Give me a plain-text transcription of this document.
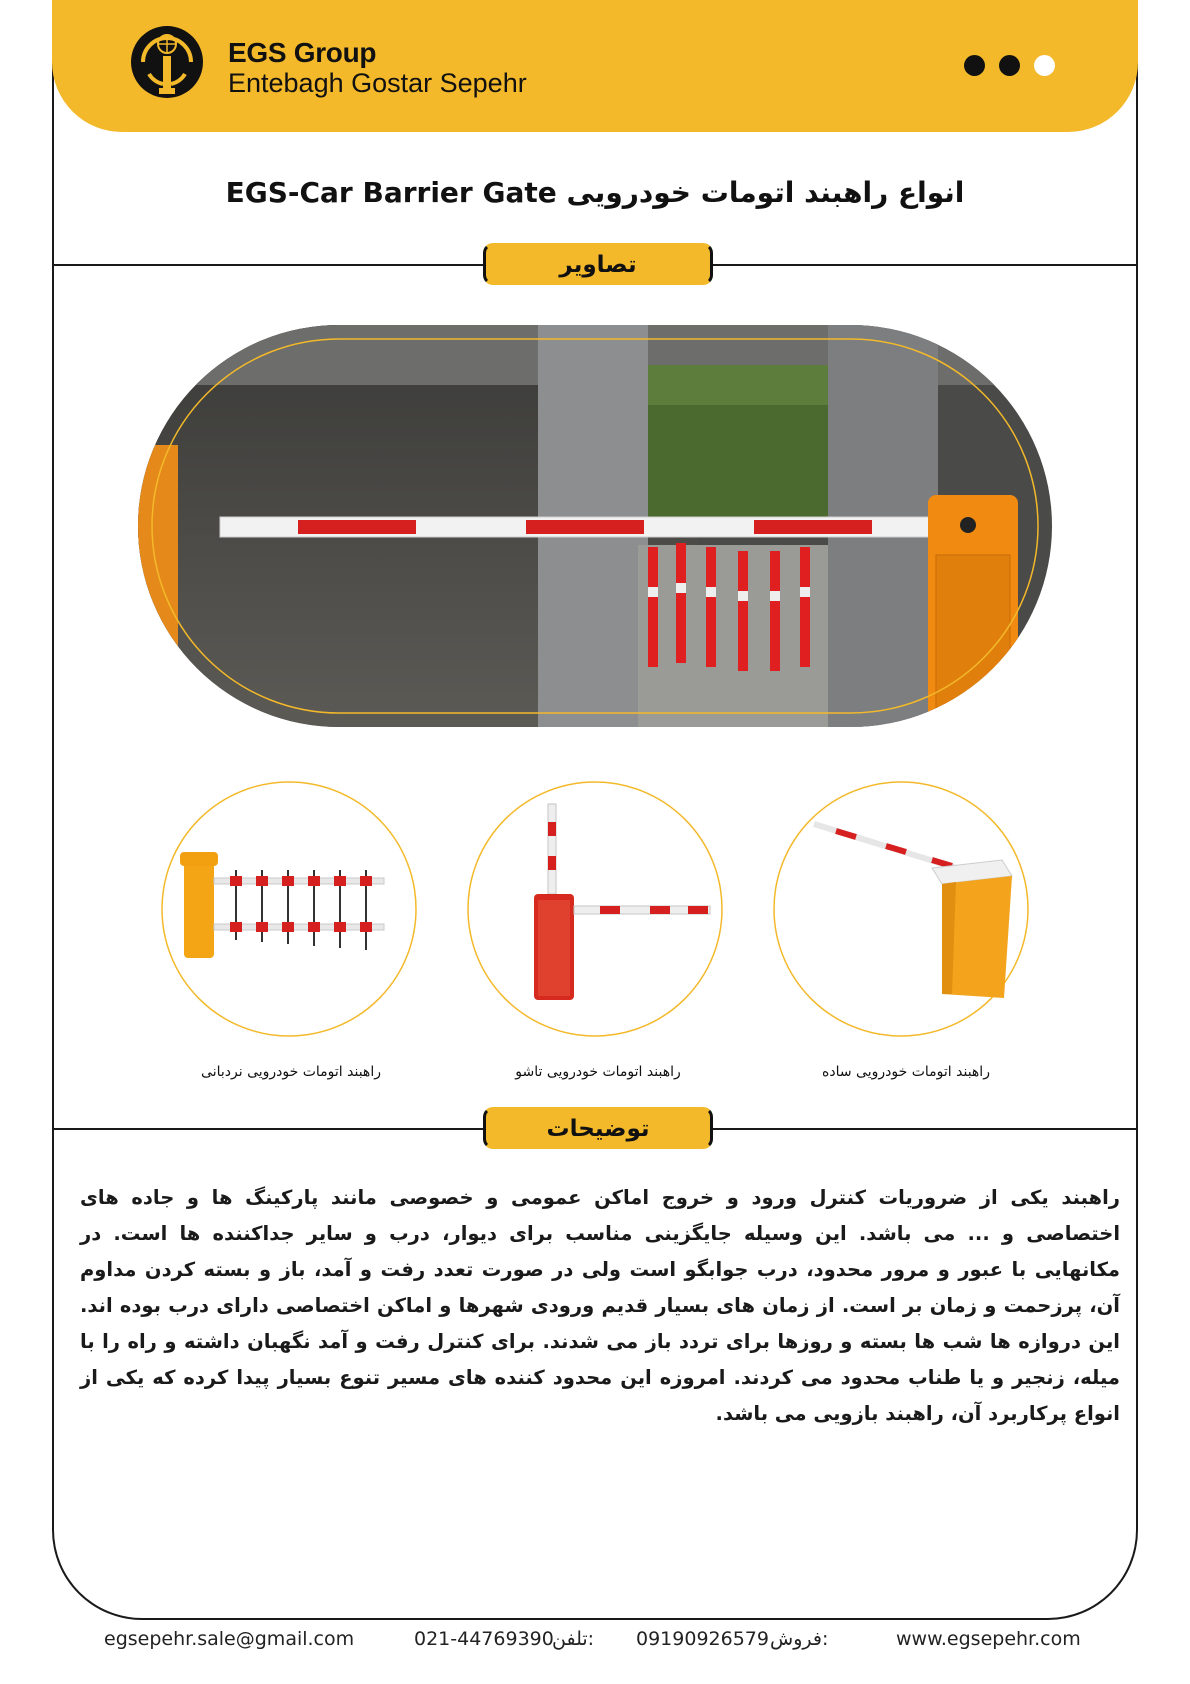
EGS Group
Entebagh Gostar Sepehr
انواع راهبند اتومات خودرویی EGS-Car Barrier Gate
تصاویر
راهبند اتومات خودرویی نردبانی	راهبند اتومات خودرویی تاشو	راهبند اتومات خودرویی ساده
توضیحات
راهبند یکی از ضروریات کنترل ورود و خروج اماکن عمومی و خصوصی مانند پارکینگ ها و جاده های اختصاصی و ... می باشد. این وسیله جایگزینی مناسب برای دیوار، درب و سایر جداکننده ها است. در مکانهایی با عبور و مرور محدود، درب جوابگو است ولی در صورت تعدد رفت و آمد، باز و بسته کردن مداوم آن، پرزحمت و زمان بر است. از زمان های بسیار قدیم ورودی شهرها و اماکن اختصاصی دارای درب بوده اند. این دروازه ها شب ها بسته و روزها برای تردد باز می شدند. برای کنترل رفت و آمد نگهبان داشته و راه را با میله، زنجیر و یا طناب محدود می کردند. امروزه این محدود کننده های مسیر تنوع بسیار پیدا کرده که یکی از انواع پرکاربرد آن، راهبند بازویی می باشد.
egsepehr.sale@gmail.com	021-44769390
تلفن: 09190926579 فروش:	www.egsepehr.com
